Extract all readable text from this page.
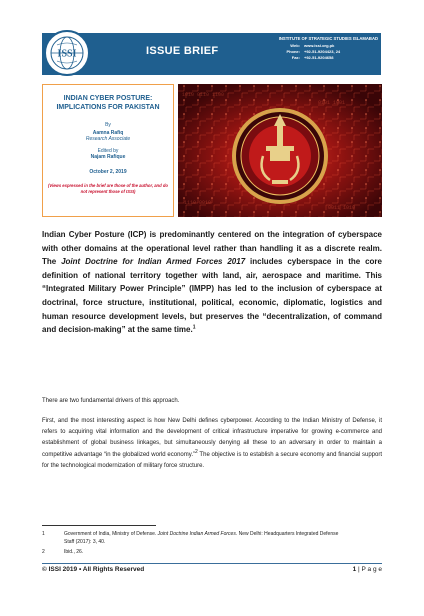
ISSI	ISSUE BRIEF
INSTITUTE OF STRATEGIC STUDIES ISLAMABAD
Web:	www.issi.org.pk
Phone:	+92-51-9204423, 24
Fax:	+92-51-9204658
INDIAN CYBER POSTURE: IMPLICATIONS FOR PAKISTAN
By
Aamna Rafiq
Research Associate
Edited by
Najam Rafique
October 2, 2019
(Views expressed in the brief are those of the author, and do not represent those of ISSI)
1010 0110 1100
0101 1001
1110 0010
0011 1010

Indian Cyber Posture (ICP) is predominantly centered on the integration of cyberspace with other domains at the operational level rather than handling it as a discrete realm. The Joint Doctrine for Indian Armed Forces 2017 includes cyberspace in the core definition of national territory together with land, air, aerospace and maritime. This “Integrated Military Power Principle” (IMPP) has led to the inclusion of cyberspace at doctrinal, force structure, institutional, political, economic, diplomatic, logistics and human resource development levels, but preserves the “decentralization, of command and decision-making” at the same time.$^1$

There are two fundamental drivers of this approach.

First, and the most interesting aspect is how New Delhi defines cyberpower. According to the Indian Ministry of Defense, it refers to acquiring vital information and the development of critical infrastructure imperative for growing e-commerce and establishment of global business linkages, but simultaneously denying all these to an adversary in order to maintain a competitive advantage “in the globalized world economy.”$^2$ The objective is to establish a secure economy and financial support for the technological modernization of military force structure.

1	Government of India, Ministry of Defense. Joint Doctrine Indian Armed Forces. New Delhi: Headquarters Integrated Defense Staff (2017): 3, 40.
2	Ibid., 26.
© ISSI 2019 • All Rights Reserved	1 | P a g e
